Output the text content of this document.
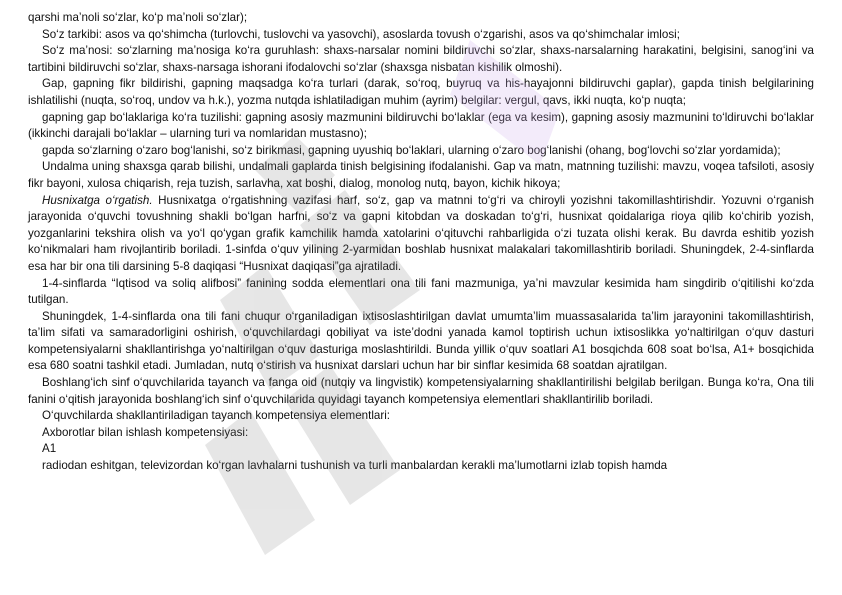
qarshi ma’noli so‘zlar, ko‘p ma’noli so‘zlar);

So‘z tarkibi: asos va qo‘shimcha (turlovchi, tuslovchi va yasovchi), asoslarda tovush o‘zgarishi, asos va qo‘shimchalar imlosi;

So‘z ma’nosi: so‘zlarning ma’nosiga ko‘ra guruhlash: shaxs-narsalar nomini bildiruvchi so‘zlar, shaxs-narsalarning harakatini, belgisini, sanog‘ini va tartibini bildiruvchi so‘zlar, shaxs-narsaga ishorani ifodalovchi so‘zlar (shaxsga nisbatan kishilik olmoshi).

Gap, gapning fikr bildirishi, gapning maqsadga ko‘ra turlari (darak, so‘roq, buyruq va his-hayajonni bildiruvchi gaplar), gapda tinish belgilarining ishlatilishi (nuqta, so‘roq, undov va h.k.), yozma nutqda ishlatiladigan muhim (ayrim) belgilar: vergul, qavs, ikki nuqta, ko‘p nuqta;

gapning gap bo‘laklariga ko‘ra tuzilishi: gapning asosiy mazmunini bildiruvchi bo‘laklar (ega va kesim), gapning asosiy mazmunini to‘ldiruvchi bo‘laklar (ikkinchi darajali bo‘laklar – ularning turi va nomlaridan mustasno);

gapda so‘zlarning o‘zaro bog‘lanishi, so‘z birikmasi, gapning uyushiq bo‘laklari, ularning o‘zaro bog‘lanishi (ohang, bog‘lovchi so‘zlar yordamida);

Undalma uning shaxsga qarab bilishi, undalmali gaplarda tinish belgisining ifodalanishi. Gap va matn, matnning tuzilishi: mavzu, voqea tafsiloti, asosiy fikr bayoni, xulosa chiqarish, reja tuzish, sarlavha, xat boshi, dialog, monolog nutq, bayon, kichik hikoya;

Husnixatga o‘rgatish. Husnixatga o‘rgatishning vazifasi harf, so‘z, gap va matnni to‘g‘ri va chiroyli yozishni takomillashtirishdir. Yozuvni o‘rganish jarayonida o‘quvchi tovushning shakli bo‘lgan harfni, so‘z va gapni kitobdan va doskadan to‘g‘ri, husnixat qoidalariga rioya qilib ko‘chirib yozish, yozganlarini tekshira olish va yo‘l qo‘ygan grafik kamchilik hamda xatolarini o‘qituvchi rahbarligida o‘zi tuzata olishi kerak. Bu davrda eshitib yozish ko‘nikmalari ham rivojlantirib boriladi. 1-sinfda o‘quv yilining 2-yarmidan boshlab husnixat malakalari takomillashtirib boriladi. Shuningdek, 2-4-sinflarda esa har bir ona tili darsining 5-8 daqiqasi “Husnixat daqiqasi”ga ajratiladi.

1-4-sinflarda “Iqtisod va soliq alifbosi” fanining sodda elementlari ona tili fani mazmuniga, ya’ni mavzular kesimida ham singdirib o‘qitilishi ko‘zda tutilgan.

Shuningdek, 1-4-sinflarda ona tili fani chuqur o‘rganiladigan ixtisoslashtirilgan davlat umumta’lim muassasalarida ta’lim jarayonini takomillashtirish, ta’lim sifati va samaradorligini oshirish, o‘quvchilardagi qobiliyat va iste’dodni yanada kamol toptirish uchun ixtisoslikka yo‘naltirilgan o‘quv dasturi kompetensiyalarni shakllantirishga yo‘naltirilgan o‘quv dasturiga moslashtirildi. Bunda yillik o‘quv soatlari A1 bosqichda 608 soat bo‘lsa, A1+ bosqichida esa 680 soatni tashkil etadi. Jumladan, nutq o‘stirish va husnixat darslari uchun har bir sinflar kesimida 68 soatdan ajratilgan.

Boshlang‘ich sinf o‘quvchilarida tayanch va fanga oid (nutqiy va lingvistik) kompetensiyalarning shakllantirilishi belgilab berilgan. Bunga ko‘ra, Ona tili fanini o‘qitish jarayonida boshlang‘ich sinf o‘quvchilarida quyidagi tayanch kompetensiya elementlari shakllantirilib boriladi.

O‘quvchilarda shakllantiriladigan tayanch kompetensiya elementlari:

Axborotlar bilan ishlash kompetensiyasi:

A1

radiodan eshitgan, televizordan ko‘rgan lavhalarni tushunish va turli manbalardan kerakli ma’lumotlarni izlab topish hamda
